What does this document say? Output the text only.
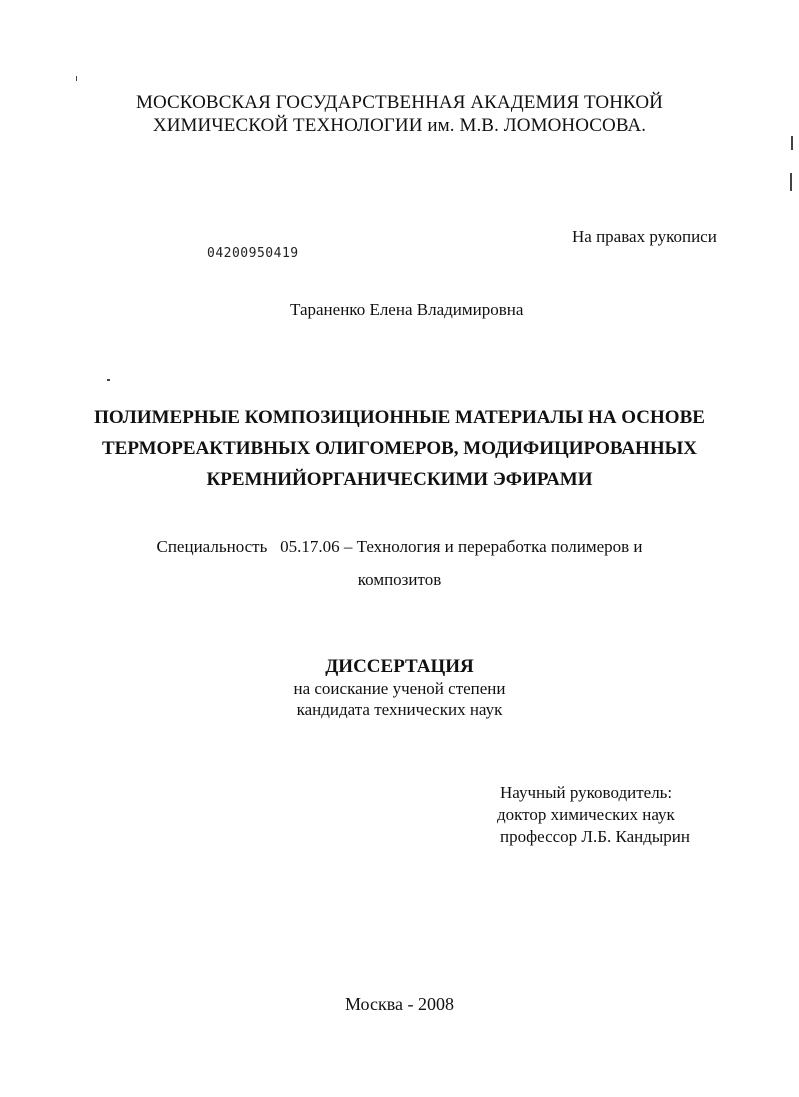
МОСКОВСКАЯ ГОСУДАРСТВЕННАЯ АКАДЕМИЯ ТОНКОЙ
ХИМИЧЕСКОЙ ТЕХНОЛОГИИ им. М.В. ЛОМОНОСОВА.
На правах рукописи
04200950419
Тараненко Елена Владимировна
ПОЛИМЕРНЫЕ КОМПОЗИЦИОННЫЕ МАТЕРИАЛЫ НА ОСНОВЕ
ТЕРМОРЕАКТИВНЫХ ОЛИГОМЕРОВ, МОДИФИЦИРОВАННЫХ
КРЕМНИЙОРГАНИЧЕСКИМИ ЭФИРАМИ
Специальность   05.17.06 – Технология и переработка полимеров и
композитов
ДИССЕРТАЦИЯ
на соискание ученой степени
кандидата технических наук
Научный руководитель:
доктор химических наук
профессор Л.Б. Кандырин
Москва - 2008
